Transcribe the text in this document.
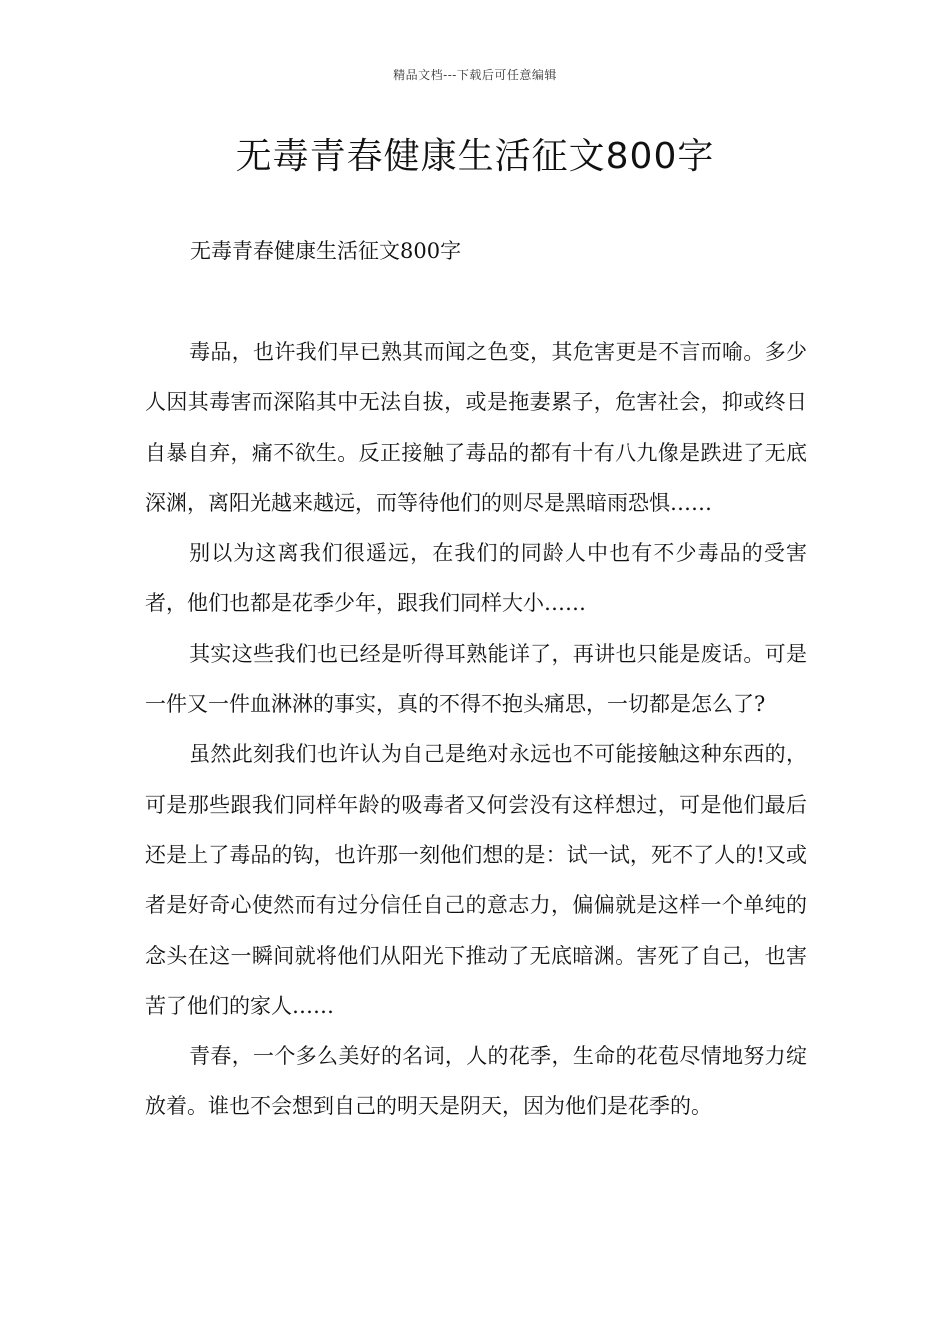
精品文档---下载后可任意编辑
无毒青春健康生活征文800字

无毒青春健康生活征文800字

毒品，也许我们早已熟其而闻之色变，其危害更是不言而喻。多少人因其毒害而深陷其中无法自拔，或是拖妻累子，危害社会，抑或终日自暴自弃，痛不欲生。反正接触了毒品的都有十有八九像是跌进了无底深渊，离阳光越来越远，而等待他们的则尽是黑暗雨恐惧……

别以为这离我们很遥远，在我们的同龄人中也有不少毒品的受害者，他们也都是花季少年，跟我们同样大小……

其实这些我们也已经是听得耳熟能详了，再讲也只能是废话。可是一件又一件血淋淋的事实，真的不得不抱头痛思，一切都是怎么了?

虽然此刻我们也许认为自己是绝对永远也不可能接触这种东西的，可是那些跟我们同样年龄的吸毒者又何尝没有这样想过，可是他们最后还是上了毒品的钩，也许那一刻他们想的是：试一试，死不了人的!又或者是好奇心使然而有过分信任自己的意志力，偏偏就是这样一个单纯的念头在这一瞬间就将他们从阳光下推动了无底暗渊。害死了自己，也害苦了他们的家人……

青春，一个多么美好的名词，人的花季，生命的花苞尽情地努力绽放着。谁也不会想到自己的明天是阴天，因为他们是花季的。
